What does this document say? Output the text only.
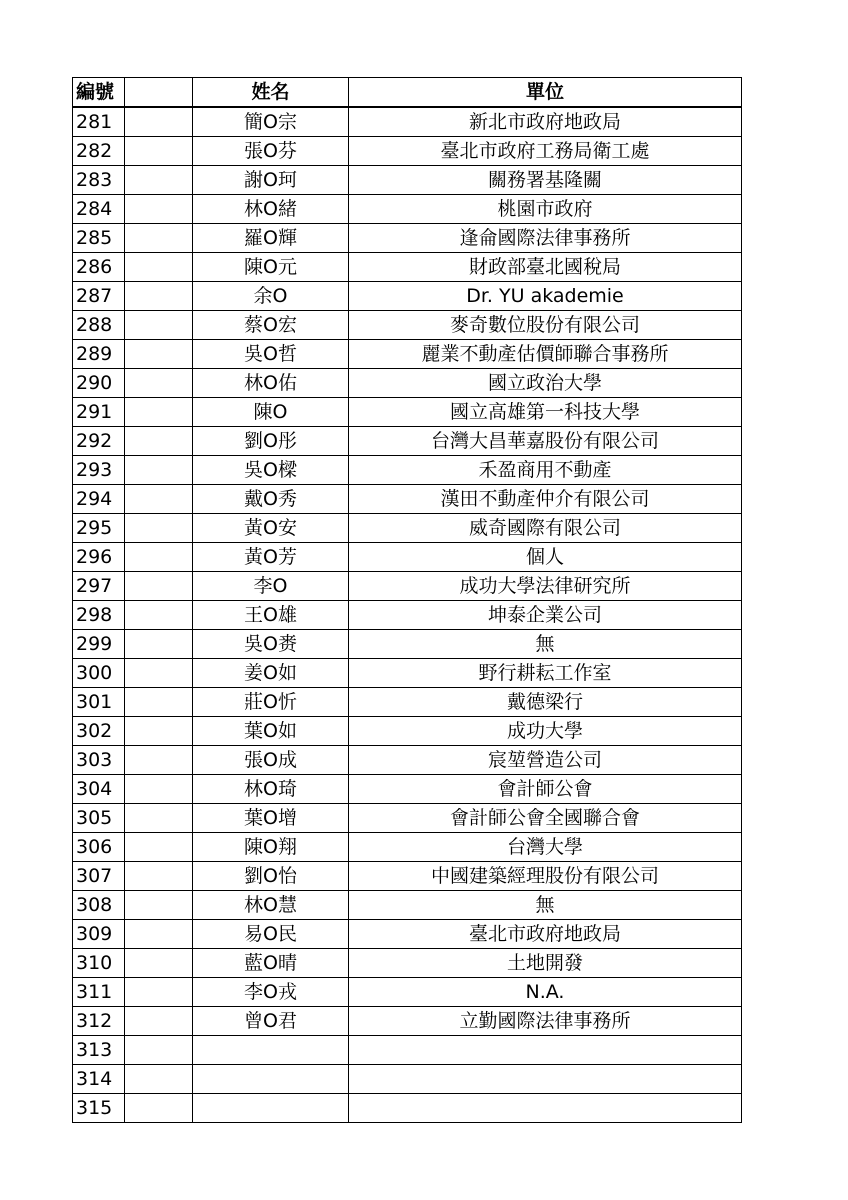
編號		姓名	單位
281		簡O宗	新北市政府地政局
282		張O芬	臺北市政府工務局衛工處
283		謝O珂	關務署基隆關
284		林O緒	桃園市政府
285		羅O輝	逢侖國際法律事務所
286		陳O元	財政部臺北國稅局
287		余O	Dr. YU akademie
288		蔡O宏	麥奇數位股份有限公司
289		吳O哲	麗業不動產估價師聯合事務所
290		林O佑	國立政治大學
291		陳O	國立高雄第一科技大學
292		劉O彤	台灣大昌華嘉股份有限公司
293		吳O樑	禾盈商用不動產
294		戴O秀	漢田不動產仲介有限公司
295		黃O安	威奇國際有限公司
296		黃O芳	個人
297		李O	成功大學法律研究所
298		王O雄	坤泰企業公司
299		吳O赉	無
300		姜O如	野行耕耘工作室
301		莊O忻	戴德梁行
302		葉O如	成功大學
303		張O成	宸堃營造公司
304		林O琦	會計師公會
305		葉O增	會計師公會全國聯合會
306		陳O翔	台灣大學
307		劉O怡	中國建築經理股份有限公司
308		林O慧	無
309		易O民	臺北市政府地政局
310		藍O晴	土地開發
311		李O戎	N.A.
312		曾O君	立勤國際法律事務所
313			
314			
315			
